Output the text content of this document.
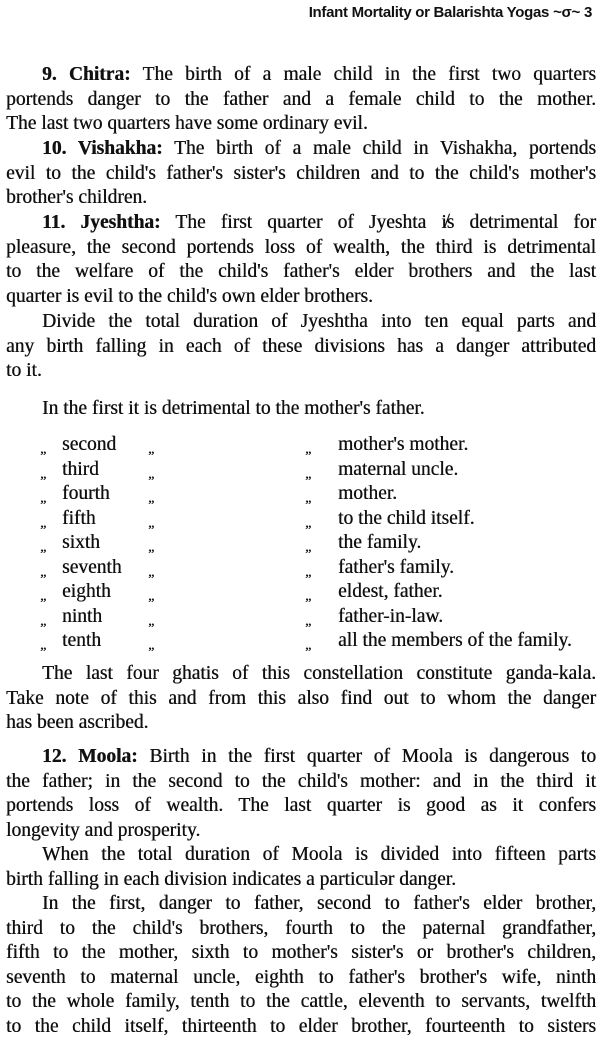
Infant Mortality or Balarishta Yogas ~σ~ 3
9. Chitra: The birth of a male child in the first two quarters
portends danger to the father and a female child to the mother.
The last two quarters have some ordinary evil.
10. Vishakha: The birth of a male child in Vishakha, portends
evil to the child's father's sister's children and to the child's mother's
brother's children.
11. Jyeshtha: The first quarter of Jyeshta i̸s detrimental for
pleasure, the second portends loss of wealth, the third is detrimental
to the welfare of the child's father's elder brothers and the last
quarter is evil to the child's own elder brothers.
Divide the total duration of Jyeshtha into ten equal parts and
any birth falling in each of these divisions has a danger attributed
to it.
In the first it is detrimental to the mother's father.
„ second „	„ mother's mother.
„ third	„	„ maternal uncle.
„ fourth	„	„ mother.
„ fifth	„	„ to the child itself.
„ sixth	„	„ the family.
„ seventh „	„ father's family.
„ eighth	„	„ eldest, father.
„ ninth	„	„ father-in-law.
„ tenth	„	„ all the members of the family.
The last four ghatis of this constellation constitute ganda-kala.
Take note of this and from this also find out to whom the danger
has been ascribed.
12. Moola: Birth in the first quarter of Moola is dangerous to
the father; in the second to the child's mother: and in the third it
portends loss of wealth. The last quarter is good as it confers
longevity and prosperity.
When the total duration of Moola is divided into fifteen parts
birth falling in each division indicates a particulər danger.
In the first, danger to father, second to father's elder brother,
third to the child's brothers, fourth to the paternal grandfather,
fifth to the mother, sixth to mother's sister's or brother's children,
seventh to maternal uncle, eighth to father's brother's wife, ninth
to the whole family, tenth to the cattle, eleventh to servants, twelfth
to the child itself, thirteenth to elder brother, fourteenth to sisters
